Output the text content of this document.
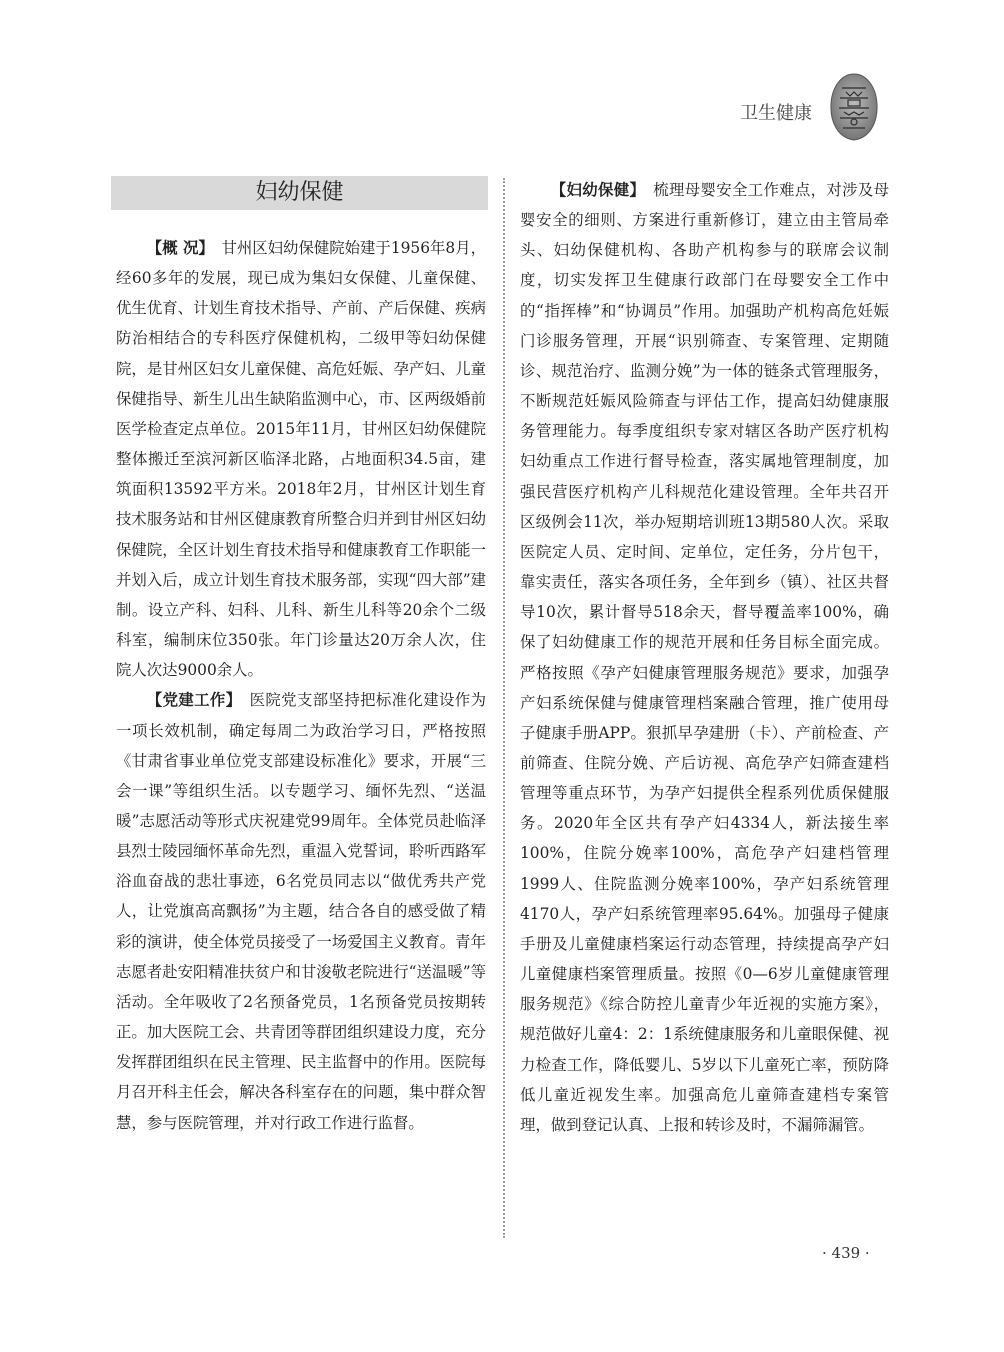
卫生健康
妇幼保健

【概 况】　 甘州区妇幼保健院始建于1956年8月，经60多年的发展，现已成为集妇女保健、儿童保健、优生优育、计划生育技术指导、产前、产后保健、疾病防治相结合的专科医疗保健机构，二级甲等妇幼保健院，是甘州区妇女儿童保健、高危妊娠、孕产妇、儿童保健指导、新生儿出生缺陷监测中心，市、区两级婚前医学检查定点单位。2015年11月，甘州区妇幼保健院整体搬迁至滨河新区临泽北路，占地面积34.5亩，建筑面积13592平方米。2018年2月，甘州区计划生育技术服务站和甘州区健康教育所整合归并到甘州区妇幼保健院，全区计划生育技术指导和健康教育工作职能一并划入后，成立计划生育技术服务部，实现“四大部”建制。设立产科、妇科、儿科、新生儿科等20余个二级科室，编制床位350张。年门诊量达20万余人次，住院人次达9000余人。

【党建工作】　 医院党支部坚持把标准化建设作为一项长效机制，确定每周二为政治学习日，严格按照《甘肃省事业单位党支部建设标准化》要求，开展“三会一课”等组织生活。以专题学习、缅怀先烈、“送温暖”志愿活动等形式庆祝建党99周年。全体党员赴临泽县烈士陵园缅怀革命先烈，重温入党誓词，聆听西路军浴血奋战的悲壮事迹，6名党员同志以“做优秀共产党人，让党旗高高飘扬”为主题，结合各自的感受做了精彩的演讲，使全体党员接受了一场爱国主义教育。青年志愿者赴安阳精准扶贫户和甘浚敬老院进行“送温暖”等活动。全年吸收了2名预备党员，1名预备党员按期转正。加大医院工会、共青团等群团组织建设力度，充分发挥群团组织在民主管理、民主监督中的作用。医院每月召开科主任会，解决各科室存在的问题，集中群众智慧，参与医院管理，并对行政工作进行监督。

【妇幼保健】　 梳理母婴安全工作难点，对涉及母婴安全的细则、方案进行重新修订，建立由主管局牵头、妇幼保健机构、各助产机构参与的联席会议制度，切实发挥卫生健康行政部门在母婴安全工作中的“指挥棒”和“协调员”作用。加强助产机构高危妊娠门诊服务管理，开展“识别筛查、专案管理、定期随诊、规范治疗、监测分娩”为一体的链条式管理服务，不断规范妊娠风险筛查与评估工作，提高妇幼健康服务管理能力。每季度组织专家对辖区各助产医疗机构妇幼重点工作进行督导检查，落实属地管理制度，加强民营医疗机构产儿科规范化建设管理。全年共召开区级例会11次，举办短期培训班13期580人次。采取医院定人员、定时间、定单位，定任务，分片包干，靠实责任，落实各项任务，全年到乡（镇）、社区共督导10次，累计督导518余天，督导覆盖率100%，确保了妇幼健康工作的规范开展和任务目标全面完成。严格按照《孕产妇健康管理服务规范》要求，加强孕产妇系统保健与健康管理档案融合管理，推广使用母子健康手册APP。狠抓早孕建册（卡）、产前检查、产前筛查、住院分娩、产后访视、高危孕产妇筛查建档管理等重点环节，为孕产妇提供全程系列优质保健服务。2020年全区共有孕产妇4334人，新法接生率100%，住院分娩率100%，高危孕产妇建档管理1999人、住院监测分娩率100%，孕产妇系统管理4170人，孕产妇系统管理率95.64%。加强母子健康手册及儿童健康档案运行动态管理，持续提高孕产妇儿童健康档案管理质量。按照《0—6岁儿童健康管理服务规范》《综合防控儿童青少年近视的实施方案》，规范做好儿童4：2：1系统健康服务和儿童眼保健、视力检查工作，降低婴儿、5岁以下儿童死亡率，预防降低儿童近视发生率。加强高危儿童筛查建档专案管理，做到登记认真、上报和转诊及时，不漏筛漏管。

· 439 ·
